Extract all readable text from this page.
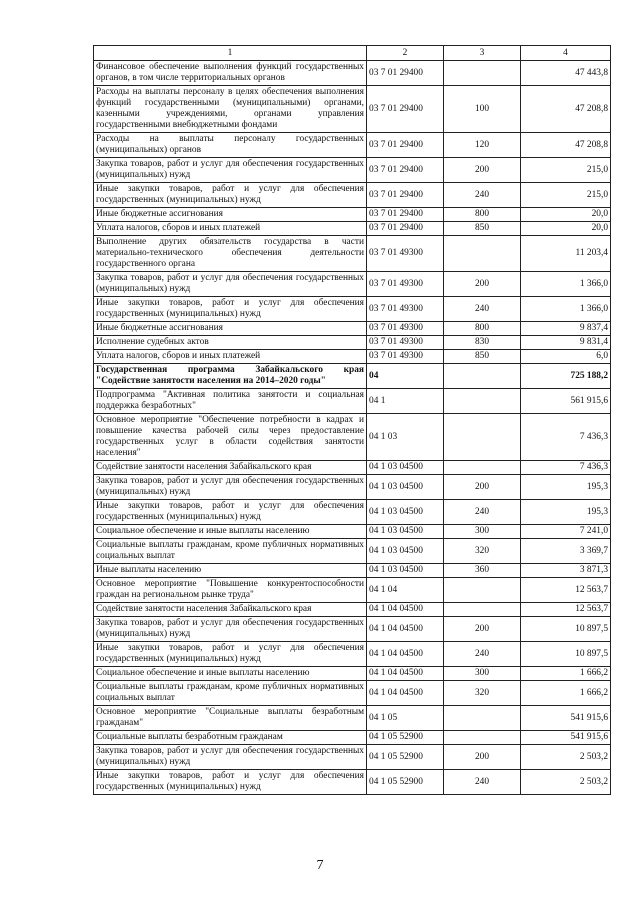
1	2	3	4
Финансовое обеспечение выполнения функций государственных органов, в том числе территориальных органов	03 7 01 29400		47 443,8
Расходы на выплаты персоналу в целях обеспечения выполнения функций государственными (муниципальными) органами, казенными учреждениями, органами управления государственными внебюджетными фондами	03 7 01 29400	100	47 208,8
Расходы на выплаты персоналу государственных (муниципальных) органов	03 7 01 29400	120	47 208,8
Закупка товаров, работ и услуг для обеспечения государственных (муниципальных) нужд	03 7 01 29400	200	215,0
Иные закупки товаров, работ и услуг для обеспечения государственных (муниципальных) нужд	03 7 01 29400	240	215,0
Иные бюджетные ассигнования	03 7 01 29400	800	20,0
Уплата налогов, сборов и иных платежей	03 7 01 29400	850	20,0
Выполнение других обязательств государства в части материально-технического обеспечения деятельности государственного органа	03 7 01 49300		11 203,4
Закупка товаров, работ и услуг для обеспечения государственных (муниципальных) нужд	03 7 01 49300	200	1 366,0
Иные закупки товаров, работ и услуг для обеспечения государственных (муниципальных) нужд	03 7 01 49300	240	1 366,0
Иные бюджетные ассигнования	03 7 01 49300	800	9 837,4
Исполнение судебных актов	03 7 01 49300	830	9 831,4
Уплата налогов, сборов и иных платежей	03 7 01 49300	850	6,0
Государственная программа Забайкальского края "Содействие занятости населения на 2014–2020 годы"	04		725 188,2
Подпрограмма "Активная политика занятости и социальная поддержка безработных"	04 1		561 915,6
Основное мероприятие "Обеспечение потребности в кадрах и повышение качества рабочей силы через предоставление государственных услуг в области содействия занятости населения"	04 1 03		7 436,3
Содействие занятости населения Забайкальского края	04 1 03 04500		7 436,3
Закупка товаров, работ и услуг для обеспечения государственных (муниципальных) нужд	04 1 03 04500	200	195,3
Иные закупки товаров, работ и услуг для обеспечения государственных (муниципальных) нужд	04 1 03 04500	240	195,3
Социальное обеспечение и иные выплаты населению	04 1 03 04500	300	7 241,0
Социальные выплаты гражданам, кроме публичных нормативных социальных выплат	04 1 03 04500	320	3 369,7
Иные выплаты населению	04 1 03 04500	360	3 871,3
Основное мероприятие "Повышение конкурентоспособности граждан на региональном рынке труда"	04 1 04		12 563,7
Содействие занятости населения Забайкальского края	04 1 04 04500		12 563,7
Закупка товаров, работ и услуг для обеспечения государственных (муниципальных) нужд	04 1 04 04500	200	10 897,5
Иные закупки товаров, работ и услуг для обеспечения государственных (муниципальных) нужд	04 1 04 04500	240	10 897,5
Социальное обеспечение и иные выплаты населению	04 1 04 04500	300	1 666,2
Социальные выплаты гражданам, кроме публичных нормативных социальных выплат	04 1 04 04500	320	1 666,2
Основное мероприятие "Социальные выплаты безработным гражданам"	04 1 05		541 915,6
Социальные выплаты безработным гражданам	04 1 05 52900		541 915,6
Закупка товаров, работ и услуг для обеспечения государственных (муниципальных) нужд	04 1 05 52900	200	2 503,2
Иные закупки товаров, работ и услуг для обеспечения государственных (муниципальных) нужд	04 1 05 52900	240	2 503,2
7
